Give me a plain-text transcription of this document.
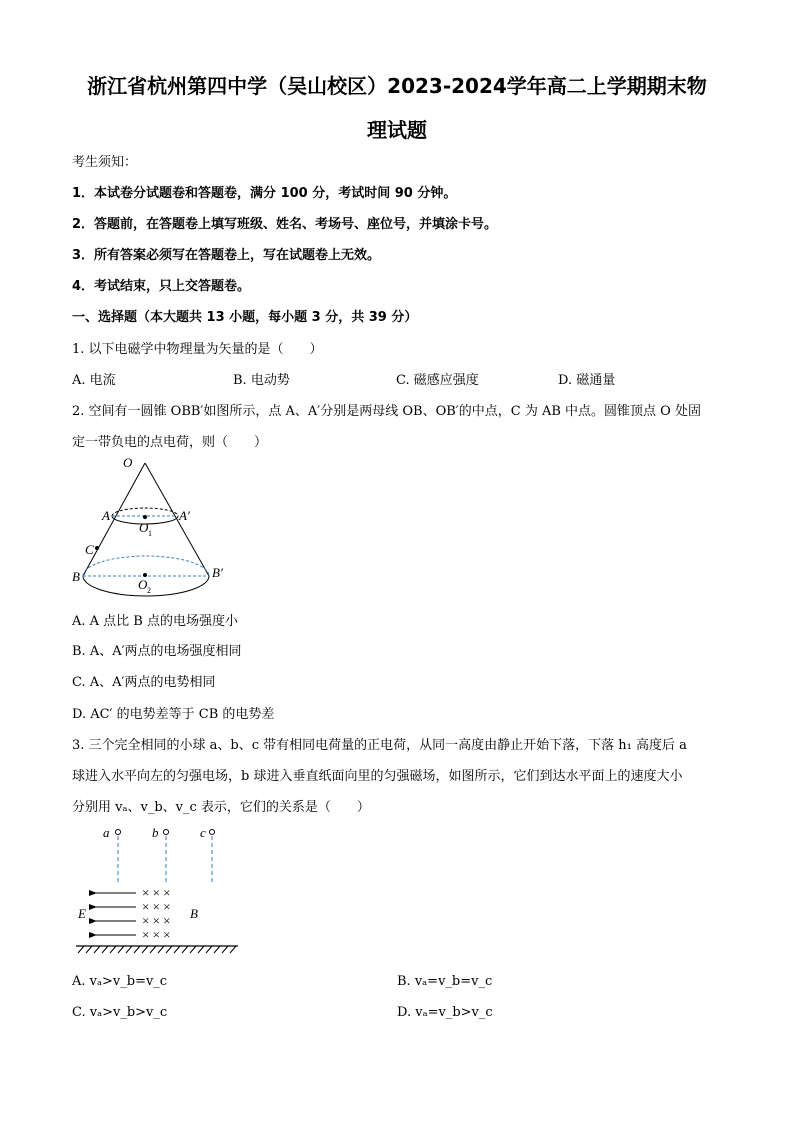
浙江省杭州第四中学（吴山校区）2023-2024学年高二上学期期末物
理试题
考生须知：
1．本试卷分试题卷和答题卷，满分 100 分，考试时间 90 分钟。
2．答题前，在答题卷上填写班级、姓名、考场号、座位号，并填涂卡号。
3．所有答案必须写在答题卷上，写在试题卷上无效。
4．考试结束，只上交答题卷。
一、选择题（本大题共 13 小题，每小题 3 分，共 39 分）
1. 以下电磁学中物理量为矢量的是（　　）
A. 电流	B. 电动势	C. 磁感应强度	D. 磁通量
2. 空间有一圆锥 OBB′如图所示，点 A、A′分别是两母线 OB、OB′的中点，C 为 AB 中点。圆锥顶点 O 处固
定一带负电的点电荷，则（　　）
O
A	A′
O 1
C
B	B′
O 2
A. A 点比 B 点的电场强度小
B. A、A′两点的电场强度相同
C. A、A′两点的电势相同
D. AC′ 的电势差等于 CB 的电势差
3. 三个完全相同的小球 a、b、c 带有相同电荷量的正电荷，从同一高度由静止开始下落，下落 h₁ 高度后 a
球进入水平向左的匀强电场，b 球进入垂直纸面向里的匀强磁场，如图所示，它们到达水平面上的速度大小
分别用 vₐ、v_b、v_c 表示，它们的关系是（　　）
a	b	c
E
× × ×
× × ×
× × ×
× × ×
B
A. vₐ>v_b=v_c	B. vₐ=v_b=v_c
C. vₐ>v_b>v_c	D. vₐ=v_b>v_c
